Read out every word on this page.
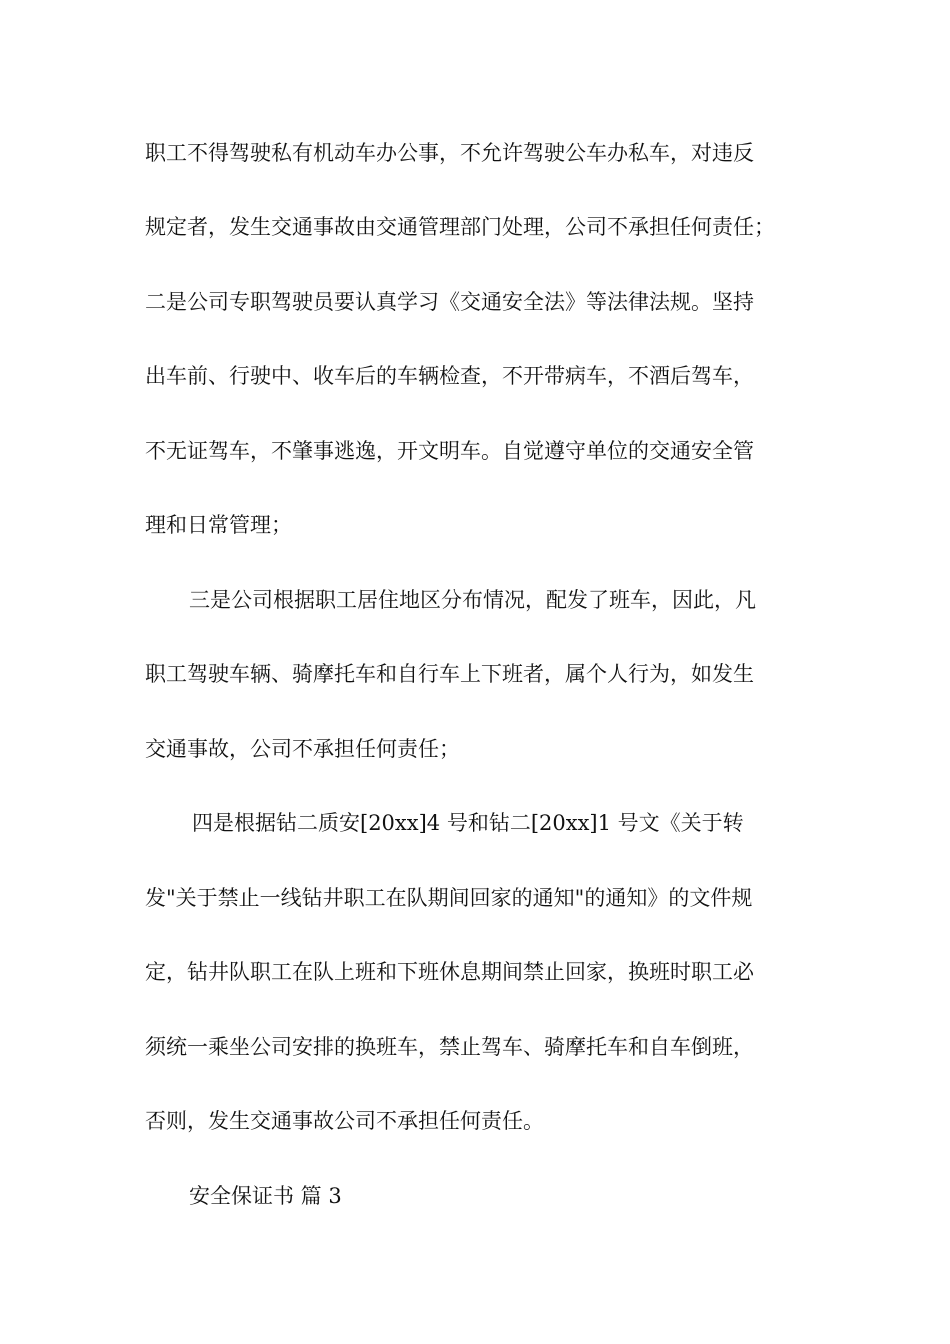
职工不得驾驶私有机动车办公事，不允许驾驶公车办私车，对违反
规定者，发生交通事故由交通管理部门处理，公司不承担任何责任；
二是公司专职驾驶员要认真学习《交通安全法》等法律法规。坚持
出车前、行驶中、收车后的车辆检查，不开带病车，不酒后驾车，
不无证驾车，不肇事逃逸，开文明车。自觉遵守单位的交通安全管
理和日常管理；
三是公司根据职工居住地区分布情况，配发了班车，因此，凡
职工驾驶车辆、骑摩托车和自行车上下班者，属个人行为，如发生
交通事故，公司不承担任何责任；
四是根据钻二质安[20xx]4 号和钻二[20xx]1 号文《关于转
发"关于禁止一线钻井职工在队期间回家的通知"的通知》的文件规
定，钻井队职工在队上班和下班休息期间禁止回家，换班时职工必
须统一乘坐公司安排的换班车，禁止驾车、骑摩托车和自车倒班，
否则，发生交通事故公司不承担任何责任。
安全保证书 篇 3
